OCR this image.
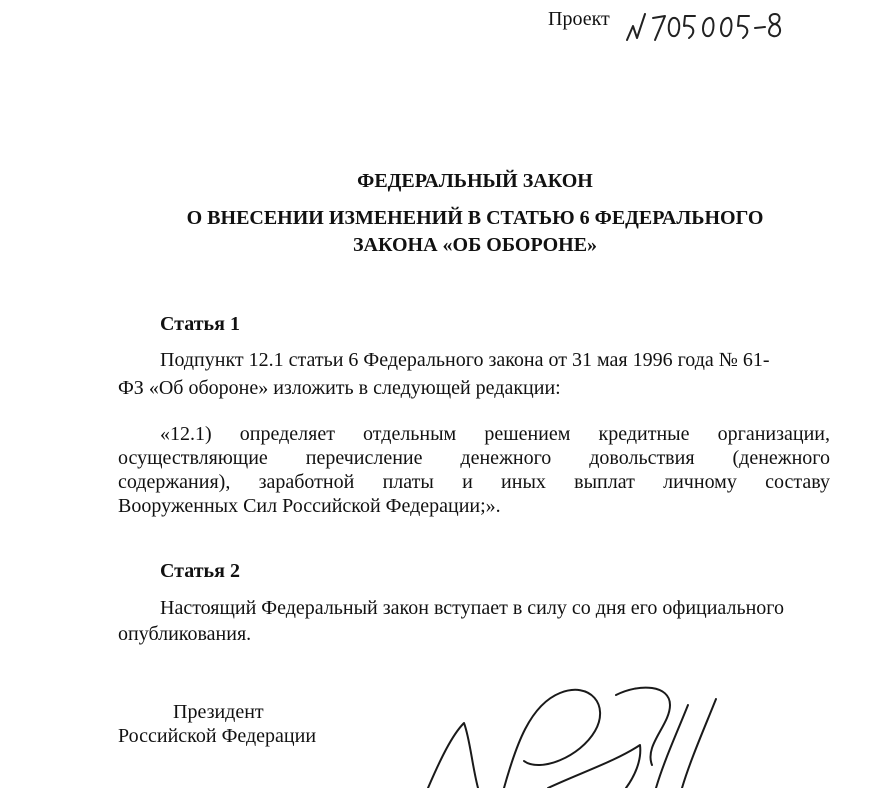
Проект
ФЕДЕРАЛЬНЫЙ ЗАКОН
О ВНЕСЕНИИ ИЗМЕНЕНИЙ В СТАТЬЮ 6 ФЕДЕРАЛЬНОГО
ЗАКОНА «ОБ ОБОРОНЕ»
Статья 1
Подпункт 12.1 статьи 6 Федерального закона от 31 мая 1996 года № 61-
ФЗ «Об обороне» изложить в следующей редакции:
«12.1) определяет отдельным решением кредитные организации,
осуществляющие перечисление денежного довольствия (денежного
содержания), заработной платы и иных выплат личному составу
Вооруженных Сил Российской Федерации;».
Статья 2
Настоящий Федеральный закон вступает в силу со дня его официального
опубликования.
Президент
Российской Федерации
